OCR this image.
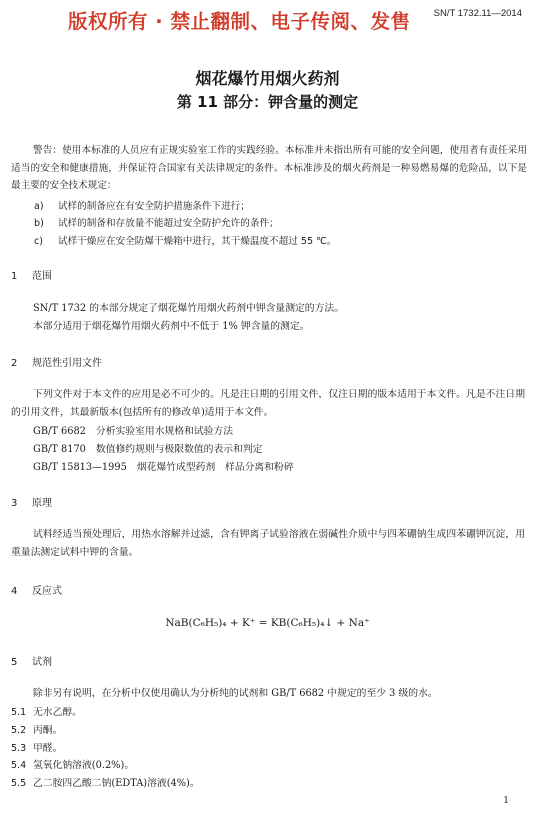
版权所有 · 禁止翻制、电子传阅、发售 SN/T 1732.11—2014
烟花爆竹用烟火药剂
第 11 部分：钾含量的测定
警告：使用本标准的人员应有正规实验室工作的实践经验。本标准并未指出所有可能的安全问题，使用者有责任采用适当的安全和健康措施，并保证符合国家有关法律规定的条件。本标准涉及的烟火药剂是一种易燃易爆的危险品，以下是最主要的安全技术规定：
a) 试样的制备应在有安全防护措施条件下进行；
b) 试样的制备和存放量不能超过安全防护允许的条件；
c) 试样干燥应在安全防爆干燥箱中进行，其干燥温度不超过 55 ℃。
1 范围
SN/T 1732 的本部分规定了烟花爆竹用烟火药剂中钾含量测定的方法。
本部分适用于烟花爆竹用烟火药剂中不低于 1% 钾含量的测定。
2 规范性引用文件
下列文件对于本文件的应用是必不可少的。凡是注日期的引用文件，仅注日期的版本适用于本文件。凡是不注日期的引用文件，其最新版本(包括所有的修改单)适用于本文件。
GB/T 6682 分析实验室用水规格和试验方法
GB/T 8170 数值修约规则与极限数值的表示和判定
GB/T 15813—1995 烟花爆竹成型药剂　样品分离和粉碎
3 原理
试料经适当预处理后，用热水溶解并过滤，含有钾离子试验溶液在弱碱性介质中与四苯硼钠生成四苯硼钾沉淀，用重量法测定试料中钾的含量。
4 反应式
NaB(C₆H₅)₄ + K⁺ = KB(C₆H₅)₄↓ + Na⁺
5 试剂
除非另有说明，在分析中仅使用确认为分析纯的试剂和 GB/T 6682 中规定的至少 3 级的水。
5.1 无水乙醇。
5.2 丙酮。
5.3 甲醛。
5.4 氢氧化钠溶液(0.2%)。
5.5 乙二胺四乙酸二钠(EDTA)溶液(4%)。
1
